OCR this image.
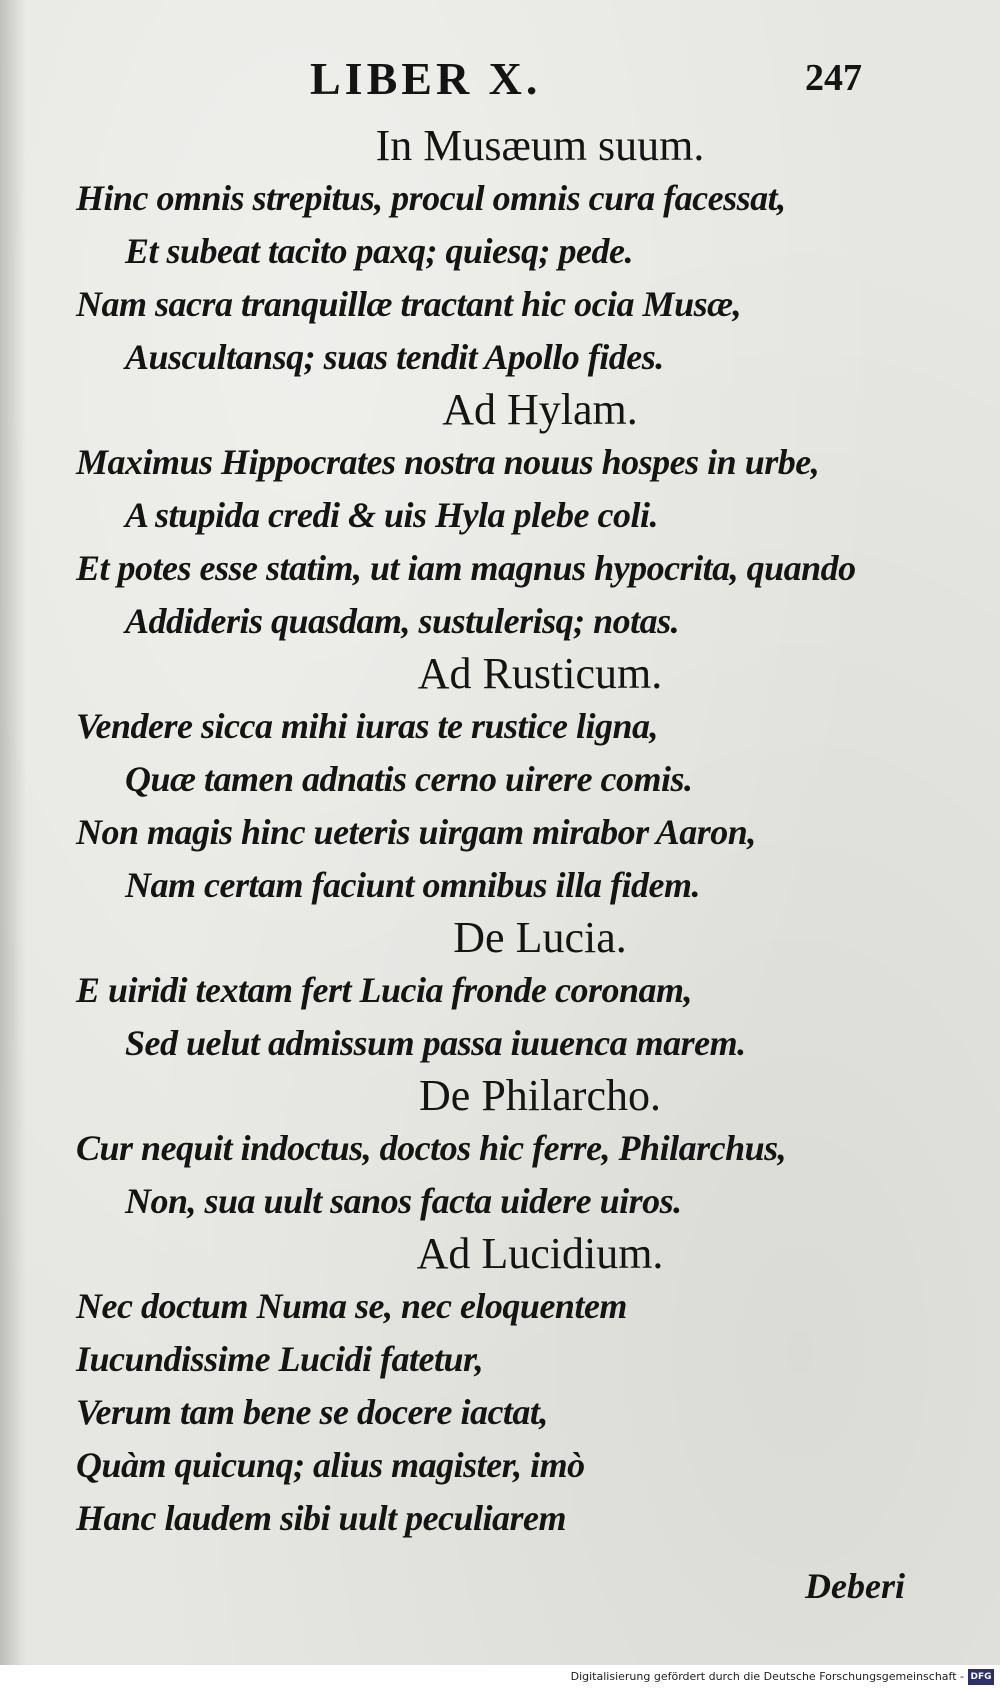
LIBER X.	247
In Musæum suum.
Hinc omnis strepitus, procul omnis cura facessat,
Et subeat tacito paxq; quiesq; pede.
Nam sacra tranquillæ tractant hic ocia Musæ,
Auscultansq; suas tendit Apollo fides.
Ad Hylam.
Maximus Hippocrates nostra nouus hospes in urbe,
A stupida credi & uis Hyla plebe coli.
Et potes esse statim, ut iam magnus hypocrita, quando
Addideris quasdam, sustulerisq; notas.
Ad Rusticum.
Vendere sicca mihi iuras te rustice ligna,
Quæ tamen adnatis cerno uirere comis.
Non magis hinc ueteris uirgam mirabor Aaron,
Nam certam faciunt omnibus illa fidem.
De Lucia.
E uiridi textam fert Lucia fronde coronam,
Sed uelut admissum passa iuuenca marem.
De Philarcho.
Cur nequit indoctus, doctos hic ferre, Philarchus,
Non, sua uult sanos facta uidere uiros.
Ad Lucidium.
Nec doctum Numa se, nec eloquentem
Iucundissime Lucidi fatetur,
Verum tam bene se docere iactat,
Quàm quicunq; alius magister, imò
Hanc laudem sibi uult peculiarem
Deberi
Digitalisierung gefördert durch die Deutsche Forschungsgemeinschaft - DFG
